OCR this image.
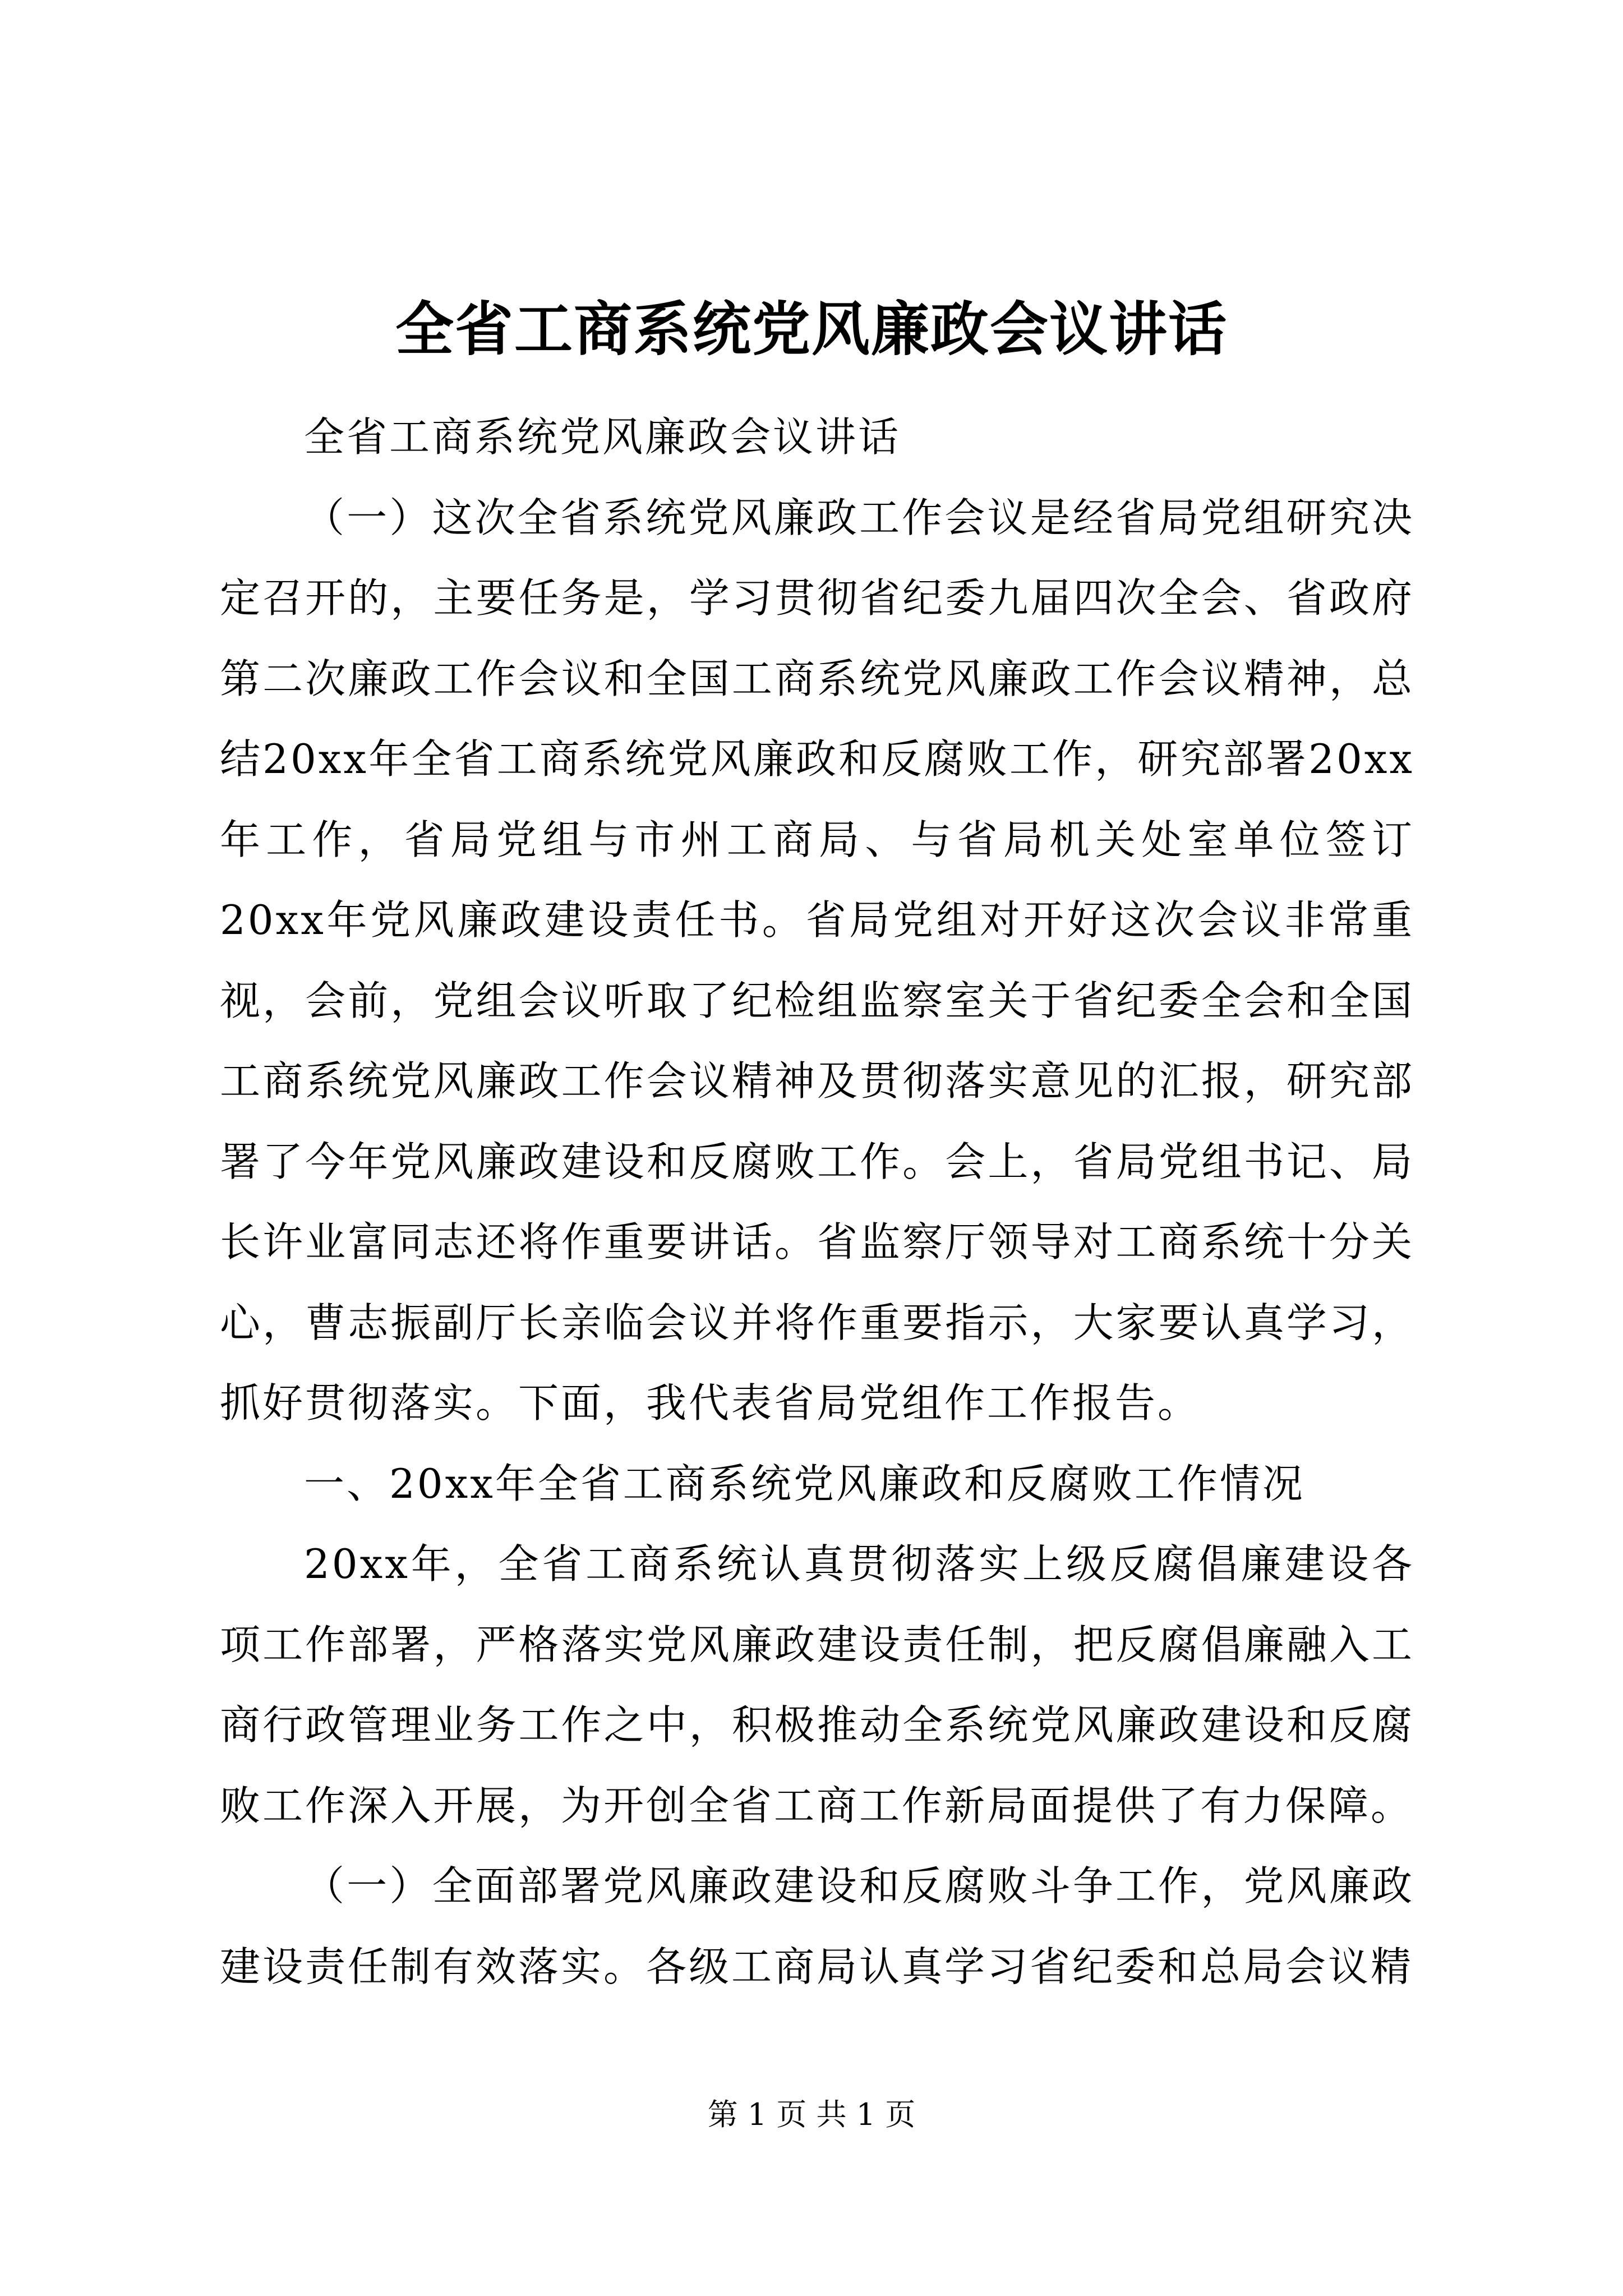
全省工商系统党风廉政会议讲话

全省工商系统党风廉政会议讲话

（一）这次全省系统党风廉政工作会议是经省局党组研究决定召开的，主要任务是，学习贯彻省纪委九届四次全会、省政府第二次廉政工作会议和全国工商系统党风廉政工作会议精神，总结20xx年全省工商系统党风廉政和反腐败工作，研究部署20xx年工作，省局党组与市州工商局、与省局机关处室单位签订20xx年党风廉政建设责任书。省局党组对开好这次会议非常重视，会前，党组会议听取了纪检组监察室关于省纪委全会和全国工商系统党风廉政工作会议精神及贯彻落实意见的汇报，研究部署了今年党风廉政建设和反腐败工作。会上，省局党组书记、局长许业富同志还将作重要讲话。省监察厅领导对工商系统十分关心，曹志振副厅长亲临会议并将作重要指示，大家要认真学习，抓好贯彻落实。下面，我代表省局党组作工作报告。

一、20xx年全省工商系统党风廉政和反腐败工作情况

20xx年，全省工商系统认真贯彻落实上级反腐倡廉建设各项工作部署，严格落实党风廉政建设责任制，把反腐倡廉融入工商行政管理业务工作之中，积极推动全系统党风廉政建设和反腐败工作深入开展，为开创全省工商工作新局面提供了有力保障。

（一）全面部署党风廉政建设和反腐败斗争工作，党风廉政建设责任制有效落实。各级工商局认真学习省纪委和总局会议精

第 1 页 共 1 页
